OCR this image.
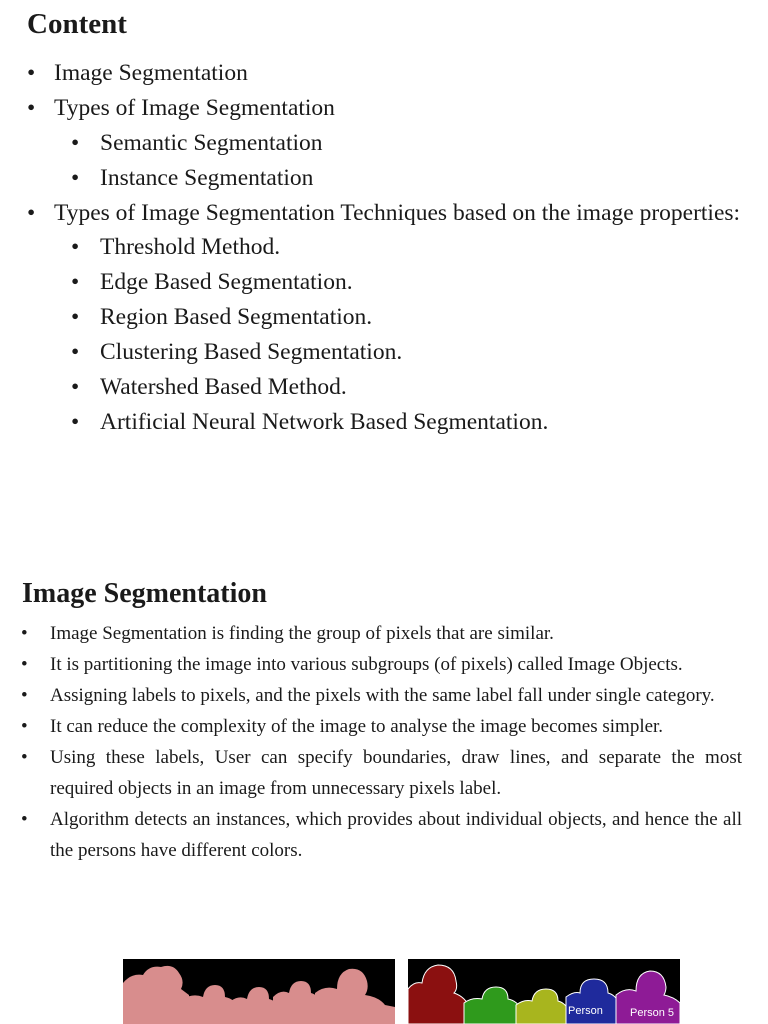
Content
• Image Segmentation
• Types of Image Segmentation
• Semantic Segmentation
• Instance Segmentation
• Types of Image Segmentation Techniques based on the image properties:
• Threshold Method.
• Edge Based Segmentation.
• Region Based Segmentation.
• Clustering Based Segmentation.
• Watershed Based Method.
• Artificial Neural Network Based Segmentation.
Image Segmentation
• Image Segmentation is finding the group of pixels that are similar.
• It is partitioning the image into various subgroups (of pixels) called Image Objects.
• Assigning labels to pixels, and the pixels with the same label fall under single category.
• It can reduce the complexity of the image to analyse the image becomes simpler.
• Using these labels, User can specify boundaries, draw lines, and separate the most required objects in an image from unnecessary pixels label.
• Algorithm detects an instances, which provides about individual objects, and hence the all the persons have different colors.
Person Person 5
